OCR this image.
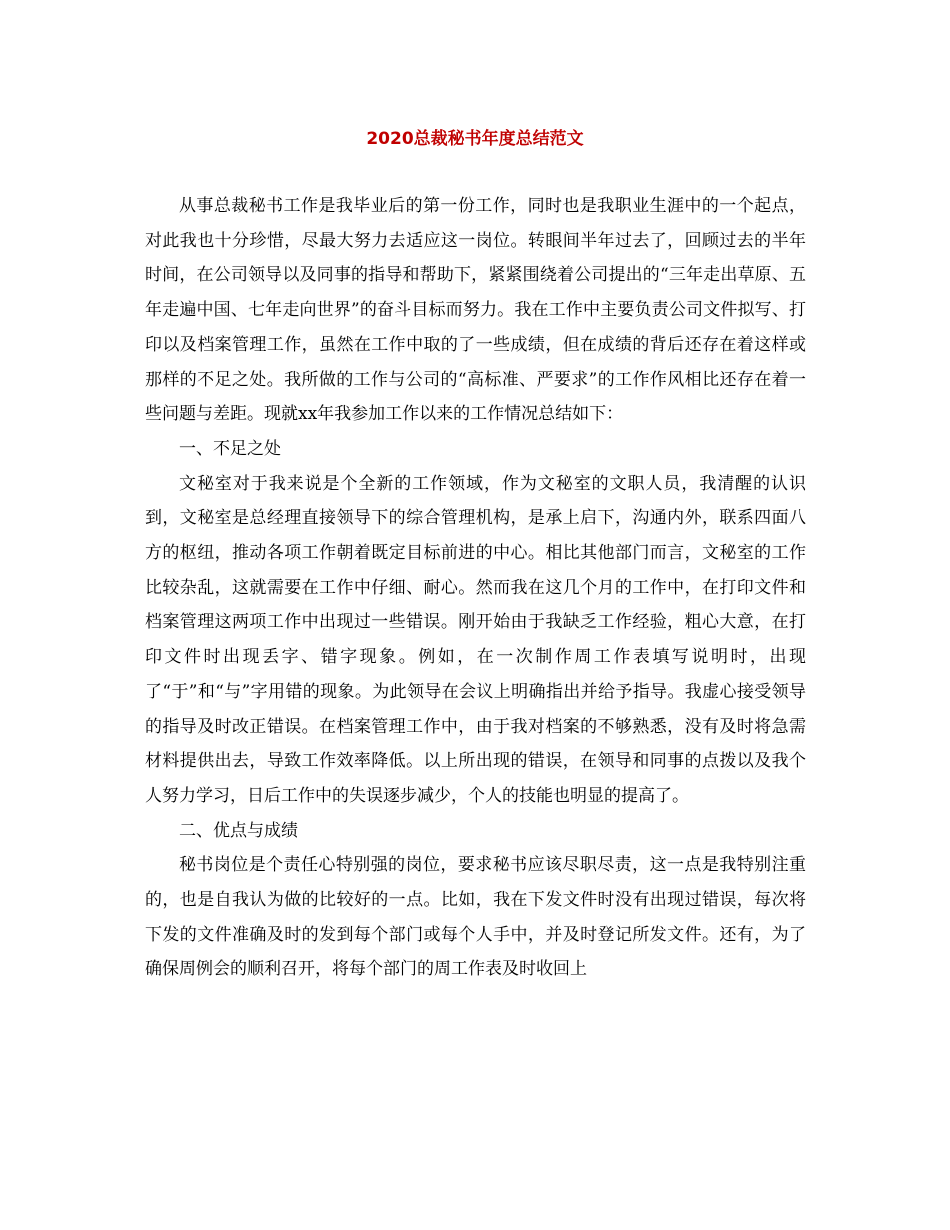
2020总裁秘书年度总结范文

从事总裁秘书工作是我毕业后的第一份工作，同时也是我职业生涯中的一个起点，对此我也十分珍惜，尽最大努力去适应这一岗位。转眼间半年过去了，回顾过去的半年时间，在公司领导以及同事的指导和帮助下，紧紧围绕着公司提出的“三年走出草原、五年走遍中国、七年走向世界”的奋斗目标而努力。我在工作中主要负责公司文件拟写、打印以及档案管理工作，虽然在工作中取的了一些成绩，但在成绩的背后还存在着这样或那样的不足之处。我所做的工作与公司的“高标准、严要求”的工作作风相比还存在着一些问题与差距。现就xx年我参加工作以来的工作情况总结如下：

一、不足之处

文秘室对于我来说是个全新的工作领域，作为文秘室的文职人员，我清醒的认识到，文秘室是总经理直接领导下的综合管理机构，是承上启下，沟通内外，联系四面八方的枢纽，推动各项工作朝着既定目标前进的中心。相比其他部门而言，文秘室的工作比较杂乱，这就需要在工作中仔细、耐心。然而我在这几个月的工作中，在打印文件和档案管理这两项工作中出现过一些错误。刚开始由于我缺乏工作经验，粗心大意，在打印文件时出现丢字、错字现象。例如，在一次制作周工作表填写说明时，出现了“于”和“与”字用错的现象。为此领导在会议上明确指出并给予指导。我虚心接受领导的指导及时改正错误。在档案管理工作中，由于我对档案的不够熟悉，没有及时将急需材料提供出去，导致工作效率降低。以上所出现的错误，在领导和同事的点拨以及我个人努力学习，日后工作中的失误逐步减少，个人的技能也明显的提高了。

二、优点与成绩

秘书岗位是个责任心特别强的岗位，要求秘书应该尽职尽责，这一点是我特别注重的，也是自我认为做的比较好的一点。比如，我在下发文件时没有出现过错误，每次将下发的文件准确及时的发到每个部门或每个人手中，并及时登记所发文件。还有，为了确保周例会的顺利召开，将每个部门的周工作表及时收回上
